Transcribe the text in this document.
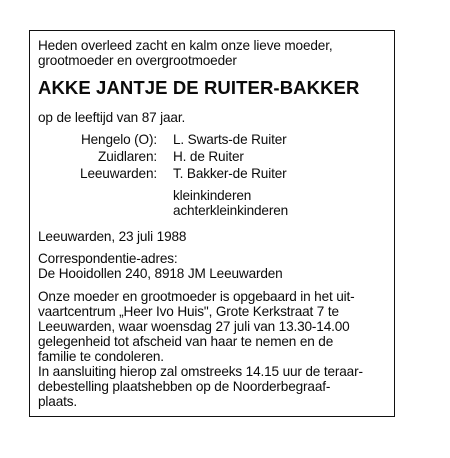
Heden overleed zacht en kalm onze lieve moeder,
grootmoeder en overgrootmoeder
AKKE JANTJE DE RUITER-BAKKER
op de leeftijd van 87 jaar.
Hengelo (O): L. Swarts-de Ruiter
Zuidlaren: H. de Ruiter
Leeuwarden: T. Bakker-de Ruiter
kleinkinderen
achterkleinkinderen
Leeuwarden, 23 juli 1988
Correspondentie-adres:
De Hooidollen 240, 8918 JM Leeuwarden
Onze moeder en grootmoeder is opgebaard in het uit-
vaartcentrum „Heer Ivo Huis", Grote Kerkstraat 7 te
Leeuwarden, waar woensdag 27 juli van 13.30-14.00
gelegenheid tot afscheid van haar te nemen en de
familie te condoleren.
In aansluiting hierop zal omstreeks 14.15 uur de teraar-
debestelling plaatshebben op de Noorderbegraaf-
plaats.
